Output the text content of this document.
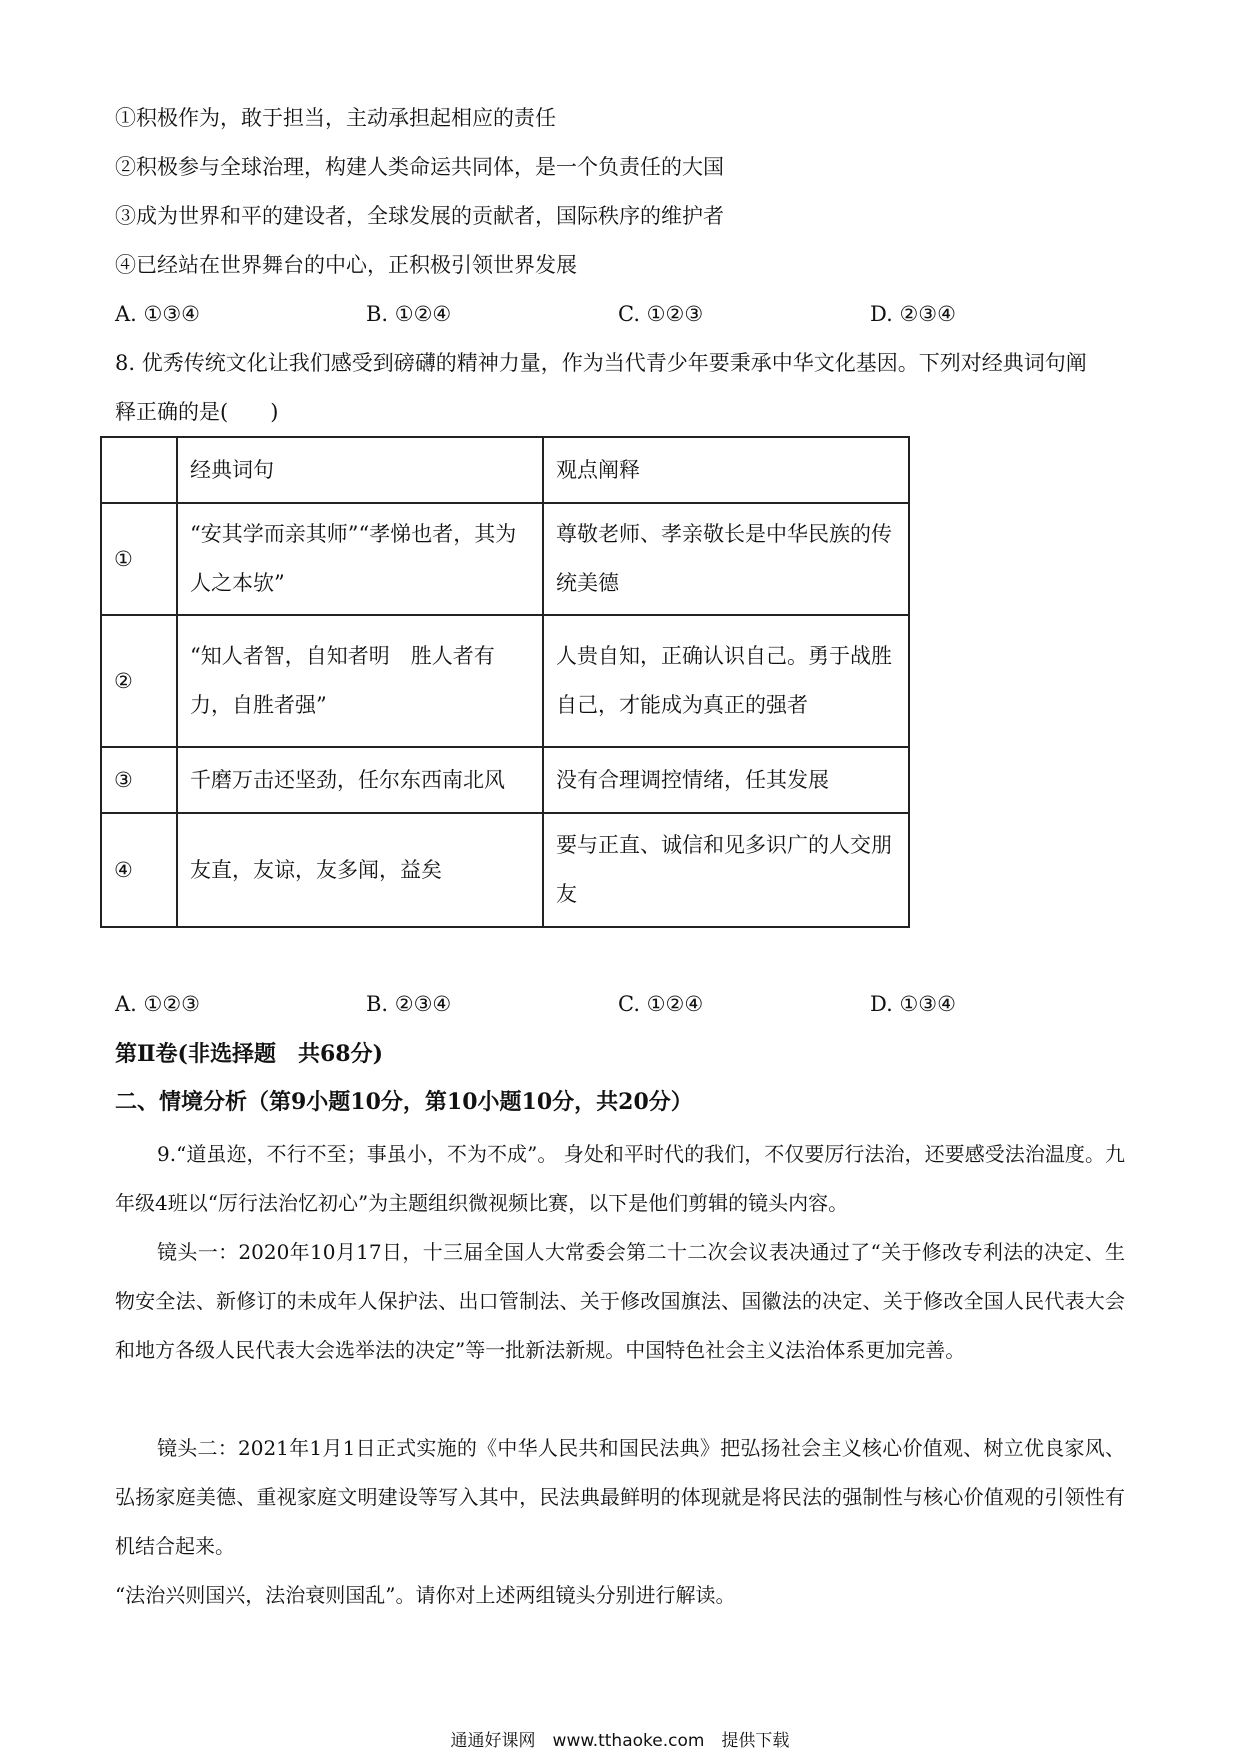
①积极作为，敢于担当，主动承担起相应的责任
②积极参与全球治理，构建人类命运共同体，是一个负责任的大国
③成为世界和平的建设者，全球发展的贡献者，国际秩序的维护者
④已经站在世界舞台的中心，正积极引领世界发展
A. ①③④	B. ①②④	C. ①②③	D. ②③④
8. 优秀传统文化让我们感受到磅礴的精神力量，作为当代青少年要秉承中华文化基因。下列对经典词句阐
释正确的是(　　)
	经典词句	观点阐释
①	“安其学而亲其师”“孝悌也者，其为人之本欤”	尊敬老师、孝亲敬长是中华民族的传统美德
②	“知人者智，自知者明　胜人者有力，自胜者强”	人贵自知，正确认识自己。勇于战胜自己，才能成为真正的强者
③	千磨万击还坚劲，任尔东西南北风	没有合理调控情绪，任其发展
④	友直，友谅，友多闻，益矣	要与正直、诚信和见多识广的人交朋友
A. ①②③	B. ②③④	C. ①②④	D. ①③④
第Ⅱ卷(非选择题　共68分)
二、情境分析（第9小题10分，第10小题10分，共20分）
9.“道虽迩，不行不至；事虽小，不为不成”。 身处和平时代的我们，不仅要厉行法治，还要感受法治温度。九年级4班以“厉行法治忆初心”为主题组织微视频比赛，以下是他们剪辑的镜头内容。
镜头一：2020年10月17日，十三届全国人大常委会第二十二次会议表决通过了“关于修改专利法的决定、生物安全法、新修订的未成年人保护法、出口管制法、关于修改国旗法、国徽法的决定、关于修改全国人民代表大会和地方各级人民代表大会选举法的决定”等一批新法新规。中国特色社会主义法治体系更加完善。
镜头二：2021年1月1日正式实施的《中华人民共和国民法典》把弘扬社会主义核心价值观、树立优良家风、弘扬家庭美德、重视家庭文明建设等写入其中，民法典最鲜明的体现就是将民法的强制性与核心价值观的引领性有机结合起来。
“法治兴则国兴，法治衰则国乱”。请你对上述两组镜头分别进行解读。
通通好课网　www.tthaoke.com　提供下载
